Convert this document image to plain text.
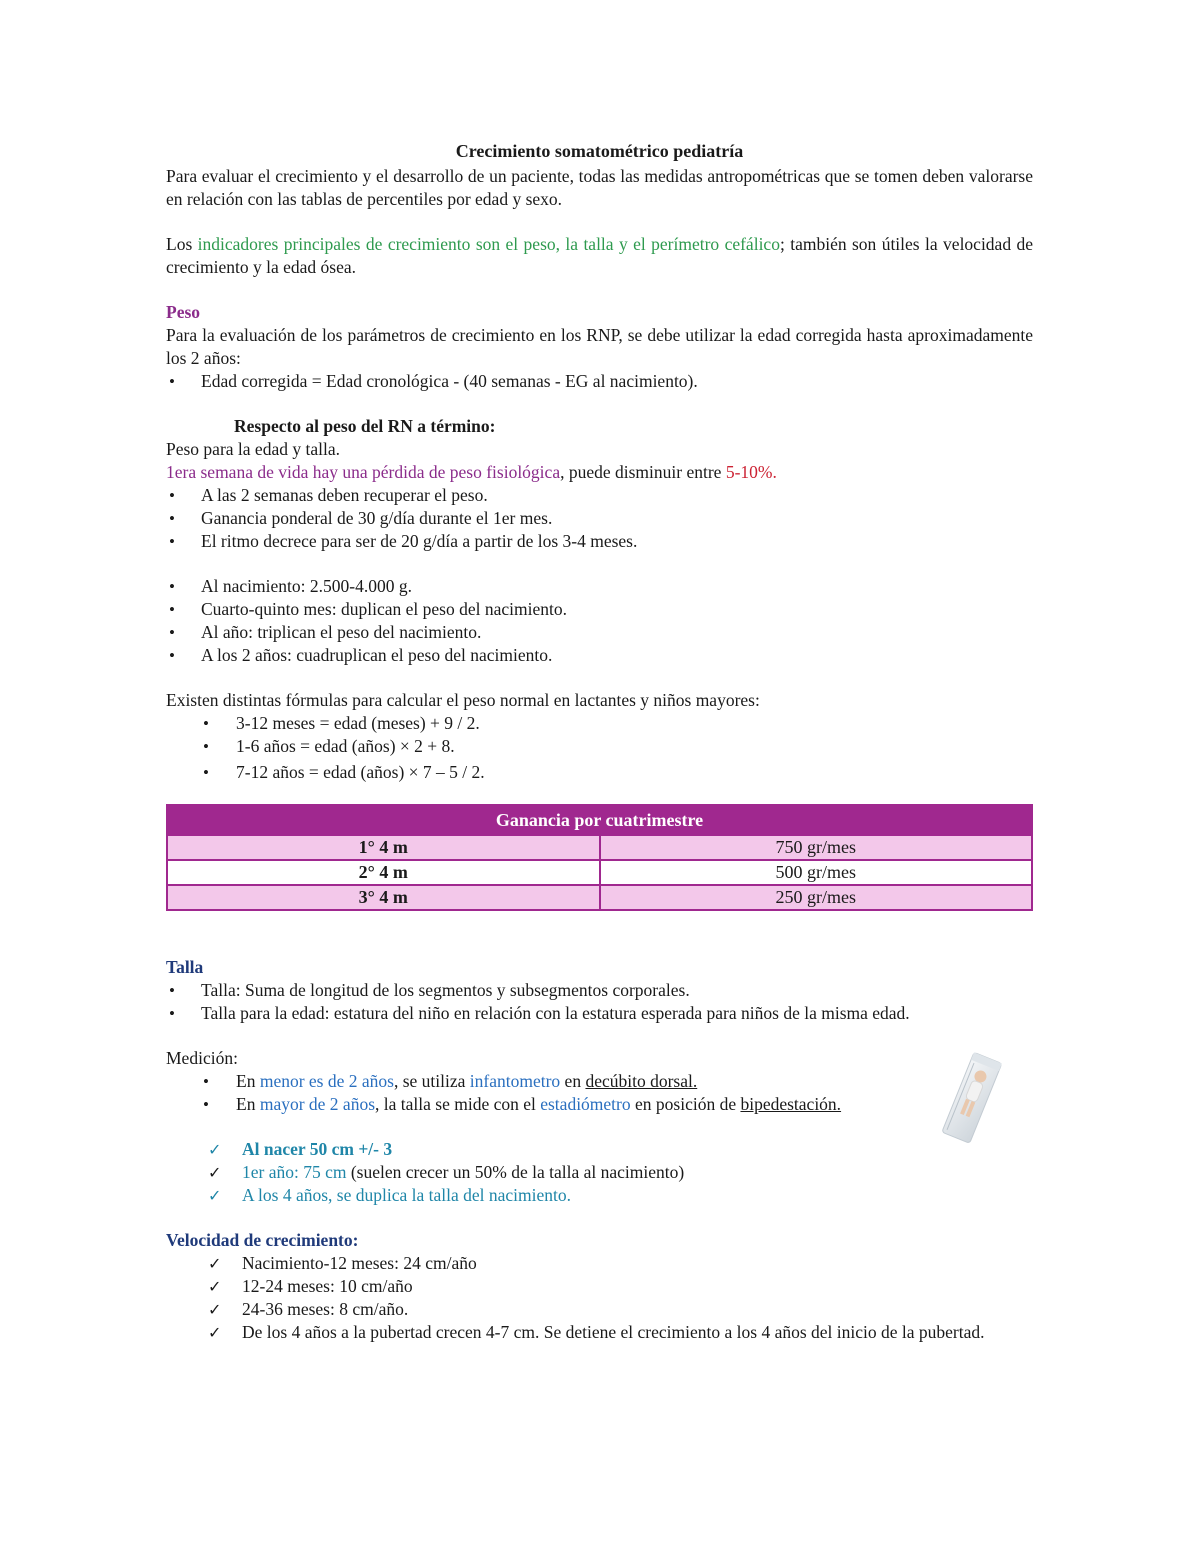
Crecimiento somatométrico pediatría

Para evaluar el crecimiento y el desarrollo de un paciente, todas las medidas antropométricas que se tomen deben valorarse en relación con las tablas de percentiles por edad y sexo.

Los indicadores principales de crecimiento son el peso, la talla y el perímetro cefálico; también son útiles la velocidad de crecimiento y la edad ósea.

Peso

Para la evaluación de los parámetros de crecimiento en los RNP, se debe utilizar la edad corregida hasta aproximadamente los 2 años:

• Edad corregida = Edad cronológica - (40 semanas - EG al nacimiento).

Respecto al peso del RN a término:

Peso para la edad y talla.

1era semana de vida hay una pérdida de peso fisiológica, puede disminuir entre 5-10%.

• A las 2 semanas deben recuperar el peso.
• Ganancia ponderal de 30 g/día durante el 1er mes.
• El ritmo decrece para ser de 20 g/día a partir de los 3-4 meses.
• Al nacimiento: 2.500-4.000 g.
• Cuarto-quinto mes: duplican el peso del nacimiento.
• Al año: triplican el peso del nacimiento.
• A los 2 años: cuadruplican el peso del nacimiento.

Existen distintas fórmulas para calcular el peso normal en lactantes y niños mayores:

• 3-12 meses = edad (meses) + 9 / 2.
• 1-6 años = edad (años) × 2 + 8.
• 7-12 años = edad (años) × 7 – 5 / 2.
Ganancia por cuatrimestre	
1° 4 m	750 gr/mes
2° 4 m	500 gr/mes
3° 4 m	250 gr/mes

Talla

• Talla: Suma de longitud de los segmentos y subsegmentos corporales.
• Talla para la edad: estatura del niño en relación con la estatura esperada para niños de la misma edad.

Medición:

• En menor es de 2 años, se utiliza infantometro en decúbito dorsal.
• En mayor de 2 años, la talla se mide con el estadiómetro en posición de bipedestación.
✓ Al nacer 50 cm +/- 3
✓ 1er año: 75 cm (suelen crecer un 50% de la talla al nacimiento)
✓ A los 4 años, se duplica la talla del nacimiento.

Velocidad de crecimiento:

✓ Nacimiento-12 meses: 24 cm/año
✓ 12-24 meses: 10 cm/año
✓ 24-36 meses: 8 cm/año.
✓ De los 4 años a la pubertad crecen 4-7 cm. Se detiene el crecimiento a los 4 años del inicio de la pubertad.
